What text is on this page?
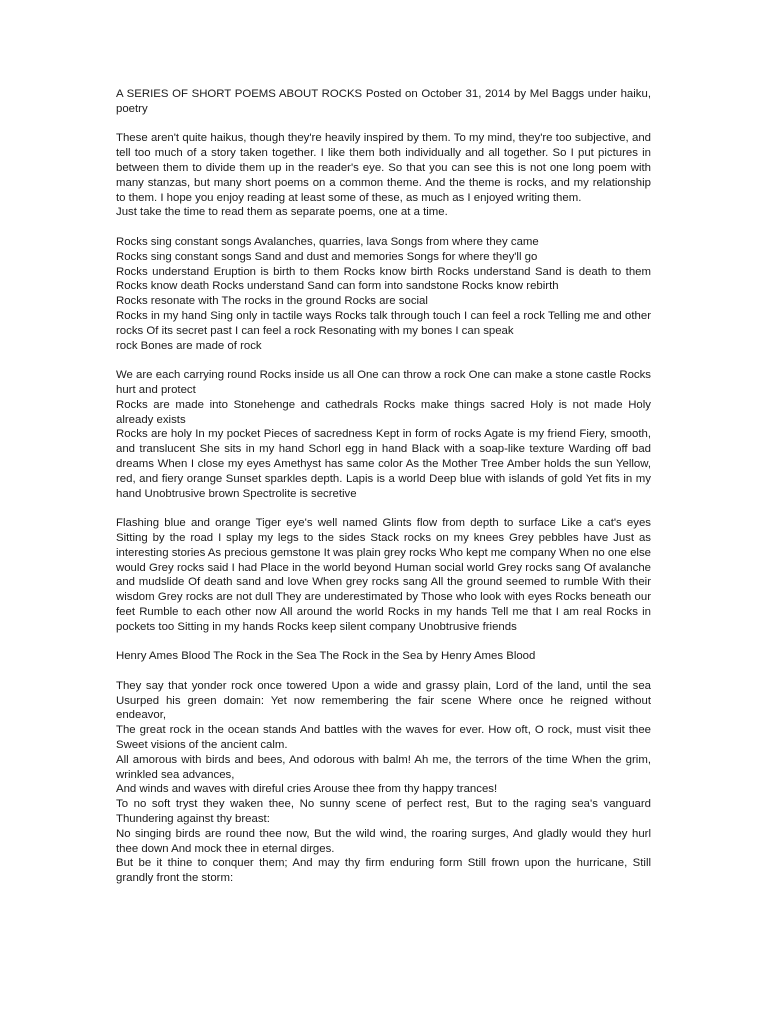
A SERIES OF SHORT POEMS ABOUT ROCKS Posted on October 31, 2014 by Mel Baggs under haiku, poetry

These aren't quite haikus, though they're heavily inspired by them. To my mind, they're too subjective, and tell too much of a story taken together. I like them both individually and all together. So I put pictures in between them to divide them up in the reader's eye. So that you can see this is not one long poem with many stanzas, but many short poems on a common theme. And the theme is rocks, and my relationship to them. I hope you enjoy reading at least some of these, as much as I enjoyed writing them.
Just take the time to read them as separate poems, one at a time.
Rocks sing constant songs Avalanches, quarries, lava Songs from where they came
Rocks sing constant songs Sand and dust and memories Songs for where they'll go
Rocks understand Eruption is birth to them Rocks know birth Rocks understand Sand is death to them Rocks know death Rocks understand Sand can form into sandstone Rocks know rebirth
Rocks resonate with The rocks in the ground Rocks are social
Rocks in my hand Sing only in tactile ways Rocks talk through touch I can feel a rock Telling me and other rocks Of its secret past I can feel a rock Resonating with my bones I can speak
rock Bones are made of rock
We are each carrying round Rocks inside us all One can throw a rock One can make a stone castle Rocks hurt and protect
Rocks are made into Stonehenge and cathedrals Rocks make things sacred Holy is not made Holy already exists
Rocks are holy In my pocket Pieces of sacredness Kept in form of rocks Agate is my friend Fiery, smooth, and translucent She sits in my hand Schorl egg in hand Black with a soap-like texture Warding off bad dreams When I close my eyes Amethyst has same color As the Mother Tree Amber holds the sun Yellow, red, and fiery orange Sunset sparkles depth. Lapis is a world Deep blue with islands of gold Yet fits in my hand Unobtrusive brown Spectrolite is secretive
Flashing blue and orange Tiger eye's well named Glints flow from depth to surface Like a cat's eyes Sitting by the road I splay my legs to the sides Stack rocks on my knees Grey pebbles have Just as interesting stories As precious gemstone It was plain grey rocks Who kept me company When no one else would Grey rocks said I had Place in the world beyond Human social world Grey rocks sang Of avalanche and mudslide Of death sand and love When grey rocks sang All the ground seemed to rumble With their wisdom Grey rocks are not dull They are underestimated by Those who look with eyes Rocks beneath our feet Rumble to each other now All around the world Rocks in my hands Tell me that I am real Rocks in pockets too Sitting in my hands Rocks keep silent company Unobtrusive friends
Henry Ames Blood The Rock in the Sea The Rock in the Sea by Henry Ames Blood
They say that yonder rock once towered Upon a wide and grassy plain, Lord of the land, until the sea Usurped his green domain: Yet now remembering the fair scene Where once he reigned without endeavor,
The great rock in the ocean stands And battles with the waves for ever. How oft, O rock, must visit thee Sweet visions of the ancient calm.
All amorous with birds and bees, And odorous with balm! Ah me, the terrors of the time When the grim, wrinkled sea advances,
And winds and waves with direful cries Arouse thee from thy happy trances!
To no soft tryst they waken thee, No sunny scene of perfect rest, But to the raging sea's vanguard Thundering against thy breast:
No singing birds are round thee now, But the wild wind, the roaring surges, And gladly would they hurl thee down And mock thee in eternal dirges.
But be it thine to conquer them; And may thy firm enduring form Still frown upon the hurricane, Still grandly front the storm:
